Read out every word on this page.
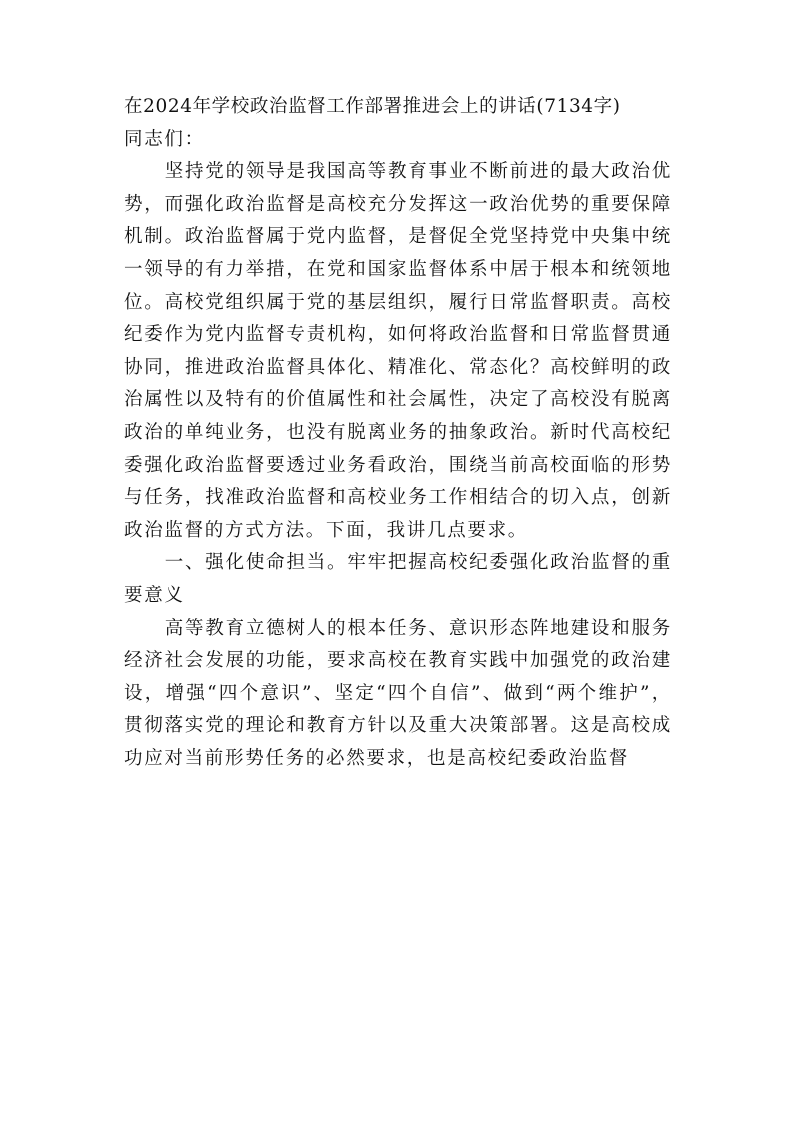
在2024年学校政治监督工作部署推进会上的讲话(7134字)

同志们：

坚持党的领导是我国高等教育事业不断前进的最大政治优势，而强化政治监督是高校充分发挥这一政治优势的重要保障机制。政治监督属于党内监督，是督促全党坚持党中央集中统一领导的有力举措，在党和国家监督体系中居于根本和统领地位。高校党组织属于党的基层组织，履行日常监督职责。高校纪委作为党内监督专责机构，如何将政治监督和日常监督贯通协同，推进政治监督具体化、精准化、常态化？高校鲜明的政治属性以及特有的价值属性和社会属性，决定了高校没有脱离政治的单纯业务，也没有脱离业务的抽象政治。新时代高校纪委强化政治监督要透过业务看政治，围绕当前高校面临的形势与任务，找准政治监督和高校业务工作相结合的切入点，创新政治监督的方式方法。下面，我讲几点要求。

一、强化使命担当。牢牢把握高校纪委强化政治监督的重要意义

高等教育立德树人的根本任务、意识形态阵地建设和服务经济社会发展的功能，要求高校在教育实践中加强党的政治建设，增强“四个意识”、坚定“四个自信”、做到“两个维护”，贯彻落实党的理论和教育方针以及重大决策部署。这是高校成功应对当前形势任务的必然要求，也是高校纪委政治监督
